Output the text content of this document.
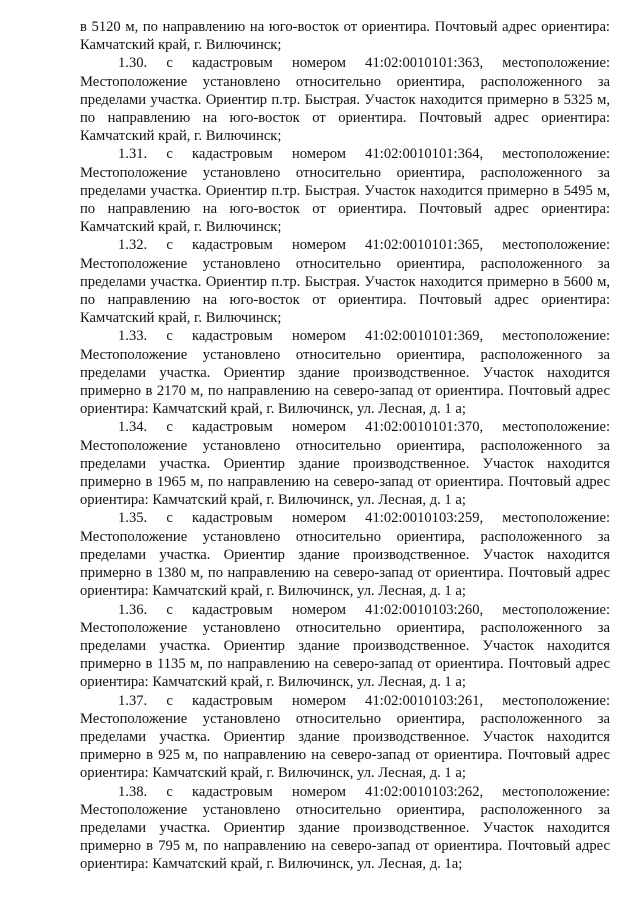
в 5120 м, по направлению на юго-восток от ориентира. Почтовый адрес ориентира: Камчатский край, г. Вилючинск;

1.30. с кадастровым номером 41:02:0010101:363, местоположение: Местоположение установлено относительно ориентира, расположенного за пределами участка. Ориентир п.тр. Быстрая. Участок находится примерно в 5325 м, по направлению на юго-восток от ориентира. Почтовый адрес ориентира: Камчатский край, г. Вилючинск;

1.31. с кадастровым номером 41:02:0010101:364, местоположение: Местоположение установлено относительно ориентира, расположенного за пределами участка. Ориентир п.тр. Быстрая. Участок находится примерно в 5495 м, по направлению на юго-восток от ориентира. Почтовый адрес ориентира: Камчатский край, г. Вилючинск;

1.32. с кадастровым номером 41:02:0010101:365, местоположение: Местоположение установлено относительно ориентира, расположенного за пределами участка. Ориентир п.тр. Быстрая. Участок находится примерно в 5600 м, по направлению на юго-восток от ориентира. Почтовый адрес ориентира: Камчатский край, г. Вилючинск;

1.33. с кадастровым номером 41:02:0010101:369, местоположение: Местоположение установлено относительно ориентира, расположенного за пределами участка. Ориентир здание производственное. Участок находится примерно в 2170 м, по направлению на северо-запад от ориентира. Почтовый адрес ориентира: Камчатский край, г. Вилючинск, ул. Лесная, д. 1 а;

1.34. с кадастровым номером 41:02:0010101:370, местоположение: Местоположение установлено относительно ориентира, расположенного за пределами участка. Ориентир здание производственное. Участок находится примерно в 1965 м, по направлению на северо-запад от ориентира. Почтовый адрес ориентира: Камчатский край, г. Вилючинск, ул. Лесная, д. 1 а;

1.35. с кадастровым номером 41:02:0010103:259, местоположение: Местоположение установлено относительно ориентира, расположенного за пределами участка. Ориентир здание производственное. Участок находится примерно в 1380 м, по направлению на северо-запад от ориентира. Почтовый адрес ориентира: Камчатский край, г. Вилючинск, ул. Лесная, д. 1 а;

1.36. с кадастровым номером 41:02:0010103:260, местоположение: Местоположение установлено относительно ориентира, расположенного за пределами участка. Ориентир здание производственное. Участок находится примерно в 1135 м, по направлению на северо-запад от ориентира. Почтовый адрес ориентира: Камчатский край, г. Вилючинск, ул. Лесная, д. 1 а;

1.37. с кадастровым номером 41:02:0010103:261, местоположение: Местоположение установлено относительно ориентира, расположенного за пределами участка. Ориентир здание производственное. Участок находится примерно в 925 м, по направлению на северо-запад от ориентира. Почтовый адрес ориентира: Камчатский край, г. Вилючинск, ул. Лесная, д. 1 а;

1.38. с кадастровым номером 41:02:0010103:262, местоположение: Местоположение установлено относительно ориентира, расположенного за пределами участка. Ориентир здание производственное. Участок находится примерно в 795 м, по направлению на северо-запад от ориентира. Почтовый адрес ориентира: Камчатский край, г. Вилючинск, ул. Лесная, д. 1а;
